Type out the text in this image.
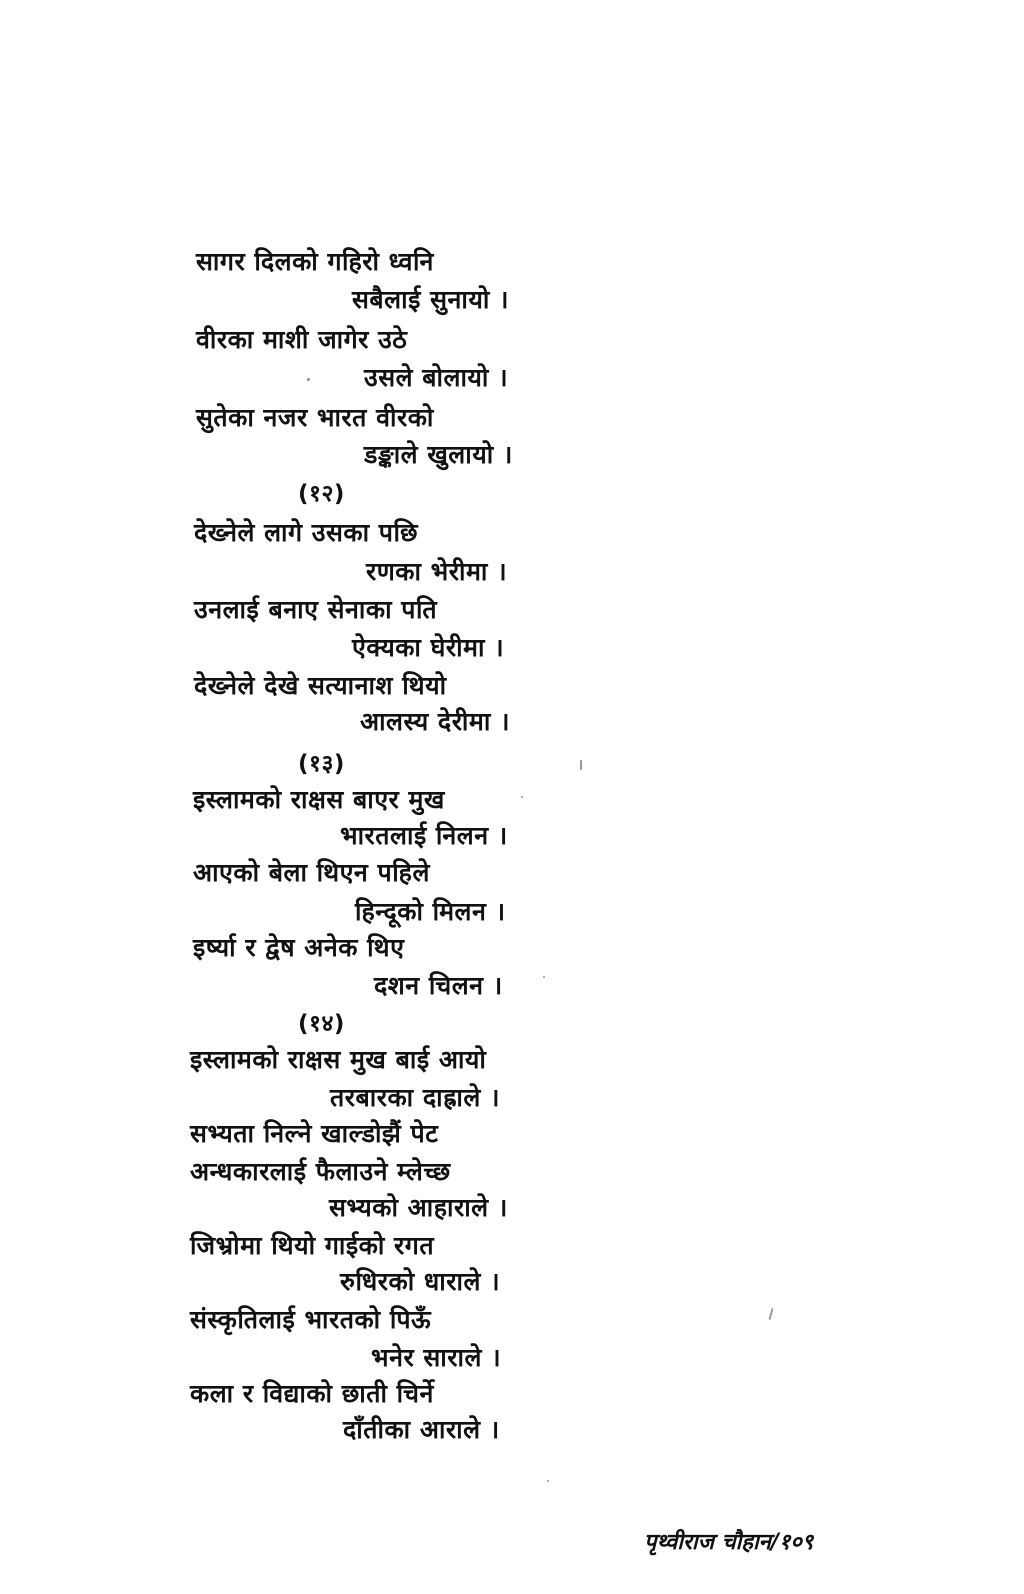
सागर दिलको गहिरो ध्वनि
सबैलाई सुनायो ।
वीरका माशी जागेर उठे
उसले बोलायो ।
सुतेका नजर भारत वीरको
डङ्काले खुलायो ।
(१२)
देख्नेले लागे उसका पछि
रणका भेरीमा ।
उनलाई बनाए सेनाका पति
ऐक्यका घेरीमा ।
देख्नेले देखे सत्यानाश थियो
आलस्य देरीमा ।
(१३)
इस्लामको राक्षस बाएर मुख
भारतलाई निलन ।
आएको बेला थिएन पहिले
हिन्दूको मिलन ।
इर्ष्या र द्वेष अनेक थिए
दशन चिलन ।
(१४)
इस्लामको राक्षस मुख बाई आयो
तरबारका दाह्राले ।
सभ्यता निल्ने खाल्डोझैं पेट
अन्धकारलाई फैलाउने म्लेच्छ
सभ्यको आहाराले ।
जिभ्रोमा थियो गाईको रगत
रुधिरको धाराले ।
संस्कृतिलाई भारतको पिऊँ
भनेर साराले ।
कला र विद्याको छाती चिर्ने
दाँतीका आराले ।
पृथ्वीराज चौहान/१०९
